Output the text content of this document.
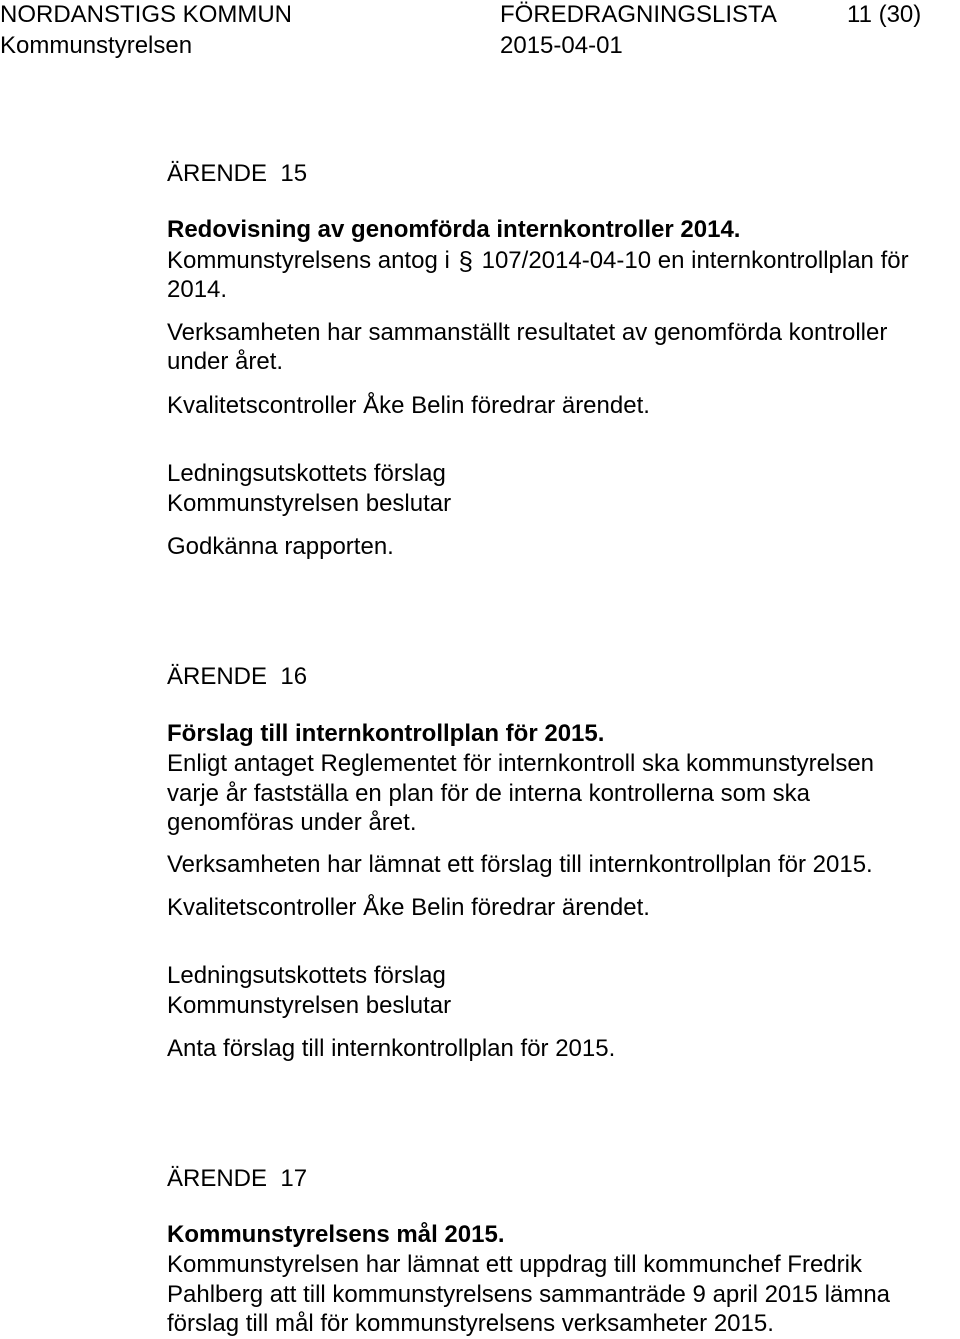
NORDANSTIGS KOMMUN	FÖREDRAGNINGSLISTA	11 (30)
Kommunstyrelsen	2015-04-01
ÄRENDE  15
Redovisning av genomförda internkontroller 2014.
Kommunstyrelsens antog i § 107/2014-04-10 en internkontrollplan för
2014.
Verksamheten har sammanställt resultatet av genomförda kontroller
under året.
Kvalitetscontroller Åke Belin föredrar ärendet.
Ledningsutskottets förslag
Kommunstyrelsen beslutar
Godkänna rapporten.
ÄRENDE  16
Förslag till internkontrollplan för 2015.
Enligt antaget Reglementet för internkontroll ska kommunstyrelsen
varje år fastställa en plan för de interna kontrollerna som ska
genomföras under året.
Verksamheten har lämnat ett förslag till internkontrollplan för 2015.
Kvalitetscontroller Åke Belin föredrar ärendet.
Ledningsutskottets förslag
Kommunstyrelsen beslutar
Anta förslag till internkontrollplan för 2015.
ÄRENDE  17
Kommunstyrelsens mål 2015.
Kommunstyrelsen har lämnat ett uppdrag till kommunchef Fredrik
Pahlberg att till kommunstyrelsens sammanträde 9 april 2015 lämna
förslag till mål för kommunstyrelsens verksamheter 2015.
